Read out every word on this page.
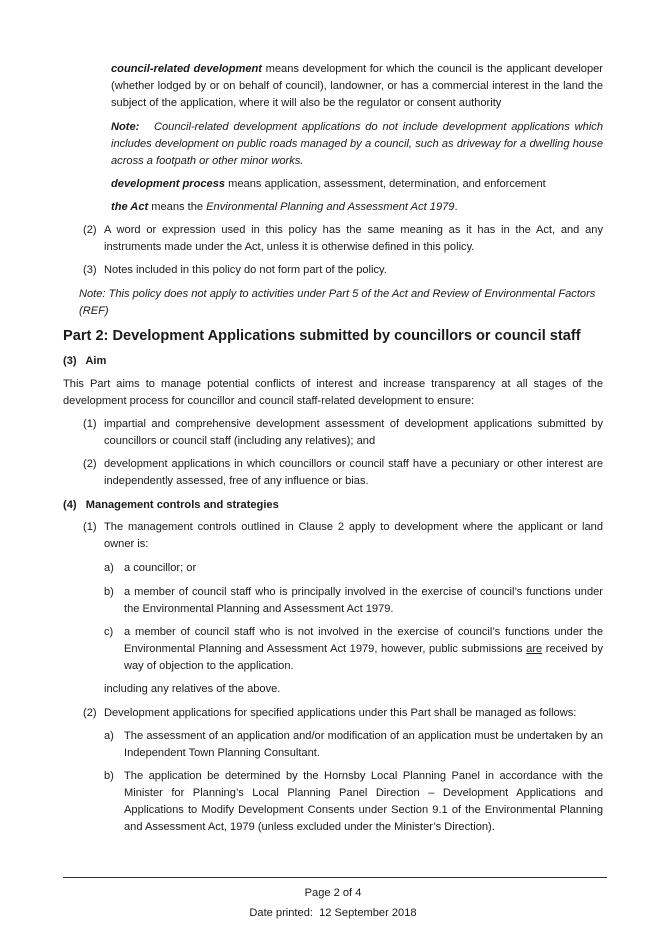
council-related development means development for which the council is the applicant developer (whether lodged by or on behalf of council), landowner, or has a commercial interest in the land the subject of the application, where it will also be the regulator or consent authority
Note: Council-related development applications do not include development applications which includes development on public roads managed by a council, such as driveway for a dwelling house across a footpath or other minor works.
development process means application, assessment, determination, and enforcement
the Act means the Environmental Planning and Assessment Act 1979.
(2) A word or expression used in this policy has the same meaning as it has in the Act, and any instruments made under the Act, unless it is otherwise defined in this policy.
(3) Notes included in this policy do not form part of the policy.
Note: This policy does not apply to activities under Part 5 of the Act and Review of Environmental Factors (REF)
Part 2: Development Applications submitted by councillors or council staff
(3)   Aim
This Part aims to manage potential conflicts of interest and increase transparency at all stages of the development process for councillor and council staff-related development to ensure:
(1) impartial and comprehensive development assessment of development applications submitted by councillors or council staff (including any relatives); and
(2) development applications in which councillors or council staff have a pecuniary or other interest are independently assessed, free of any influence or bias.
(4)   Management controls and strategies
(1) The management controls outlined in Clause 2 apply to development where the applicant or land owner is:
a) a councillor; or
b) a member of council staff who is principally involved in the exercise of council’s functions under the Environmental Planning and Assessment Act 1979.
c) a member of council staff who is not involved in the exercise of council’s functions under the Environmental Planning and Assessment Act 1979, however, public submissions are received by way of objection to the application.
including any relatives of the above.
(2) Development applications for specified applications under this Part shall be managed as follows:
a) The assessment of an application and/or modification of an application must be undertaken by an Independent Town Planning Consultant.
b) The application be determined by the Hornsby Local Planning Panel in accordance with the Minister for Planning’s Local Planning Panel Direction – Development Applications and Applications to Modify Development Consents under Section 9.1 of the Environmental Planning and Assessment Act, 1979 (unless excluded under the Minister’s Direction).
Page 2 of 4
Date printed:  12 September 2018
